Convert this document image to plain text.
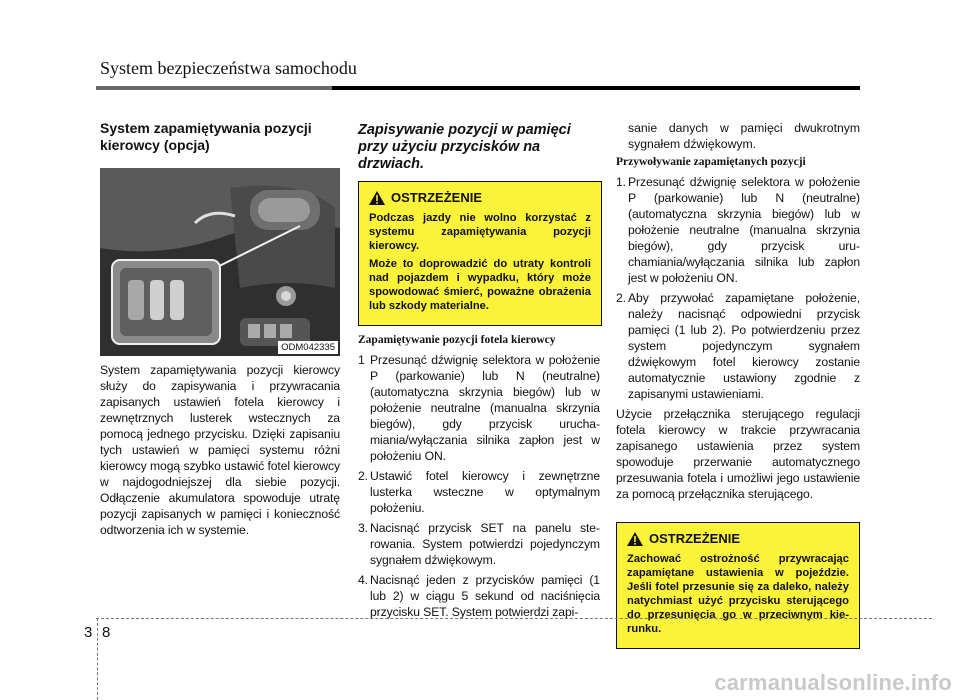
System bezpieczeństwa samochodu
System zapamiętywania pozycji kierowcy (opcja)
ODM042335

System zapamiętywania pozycji kierowcy służy do zapisywania i przywracania zapisanych ustawień fotela kierowcy i zewnętrznych lusterek wstecznych za pomocą jednego przycisku. Dzięki zapisaniu tych ustawień w pamięci systemu różni kierowcy mogą szybko ustawić fotel kierowcy w najdogodniejszej dla siebie pozycji. Odłączenie akumulatora spowoduje utratę pozycji zapisanych w pamięci i konieczność odtworzenia ich w systemie.

Zapisywanie pozycji w pamięci przy użyciu przycisków na drzwiach.
OSTRZEŻENIE

Podczas jazdy nie wolno korzystać z systemu zapamiętywania pozycji kierowcy.

Może to doprowadzić do utraty kontroli nad pojazdem i wypadku, który może spowodować śmierć, poważne obrażenia lub szkody materialne.

Zapamiętywanie pozycji fotela kierowcy
1 Przesunąć dźwignię selektora w położenie P (parkowanie) lub N (neutralne) (automatyczna skrzynia biegów) lub w położenie neutralne (manualna skrzynia biegów), gdy przycisk uruchamiania/wyłączania silnika zapłon jest w położeniu ON.
2. Ustawić fotel kierowcy i zewnętrzne lusterka wsteczne w optymalnym położeniu.
3. Nacisnąć przycisk SET na panelu sterowania. System potwierdzi pojedynczym sygnałem dźwiękowym.
4. Nacisnąć jeden z przycisków pamięci (1 lub 2) w ciągu 5 sekund od naciśnięcia przycisku SET. System potwierdzi zapi-

sanie danych w pamięci dwukrotnym sygnałem dźwiękowym.

Przywoływanie zapamiętanych pozycji
1. Przesunąć dźwignię selektora w położenie P (parkowanie) lub N (neutralne) (automatyczna skrzynia biegów) lub w położenie neutralne (manualna skrzynia biegów), gdy przycisk uruchamiania/wyłączania silnika lub zapłon jest w położeniu ON.
2. Aby przywołać zapamiętane położenie, należy nacisnąć odpowiedni przycisk pamięci (1 lub 2). Po potwierdzeniu przez system pojedynczym sygnałem dźwiękowym fotel kierowcy zostanie automatycznie ustawiony zgodnie z zapisanymi ustawieniami.

Użycie przełącznika sterującego regulacji fotela kierowcy w trakcie przywracania zapisanego ustawienia przez system spowoduje przerwanie automatycznego przesuwania fotela i umożliwi jego ustawienie za pomocą przełącznika sterującego.

OSTRZEŻENIE

Zachować ostrożność przywracając zapamiętane ustawienia w pojeździe. Jeśli fotel przesunie się za daleko, należy natychmiast użyć przycisku sterującego do przesunięcia go w przeciwnym kierunku.

3 8
carmanualsonline.info
